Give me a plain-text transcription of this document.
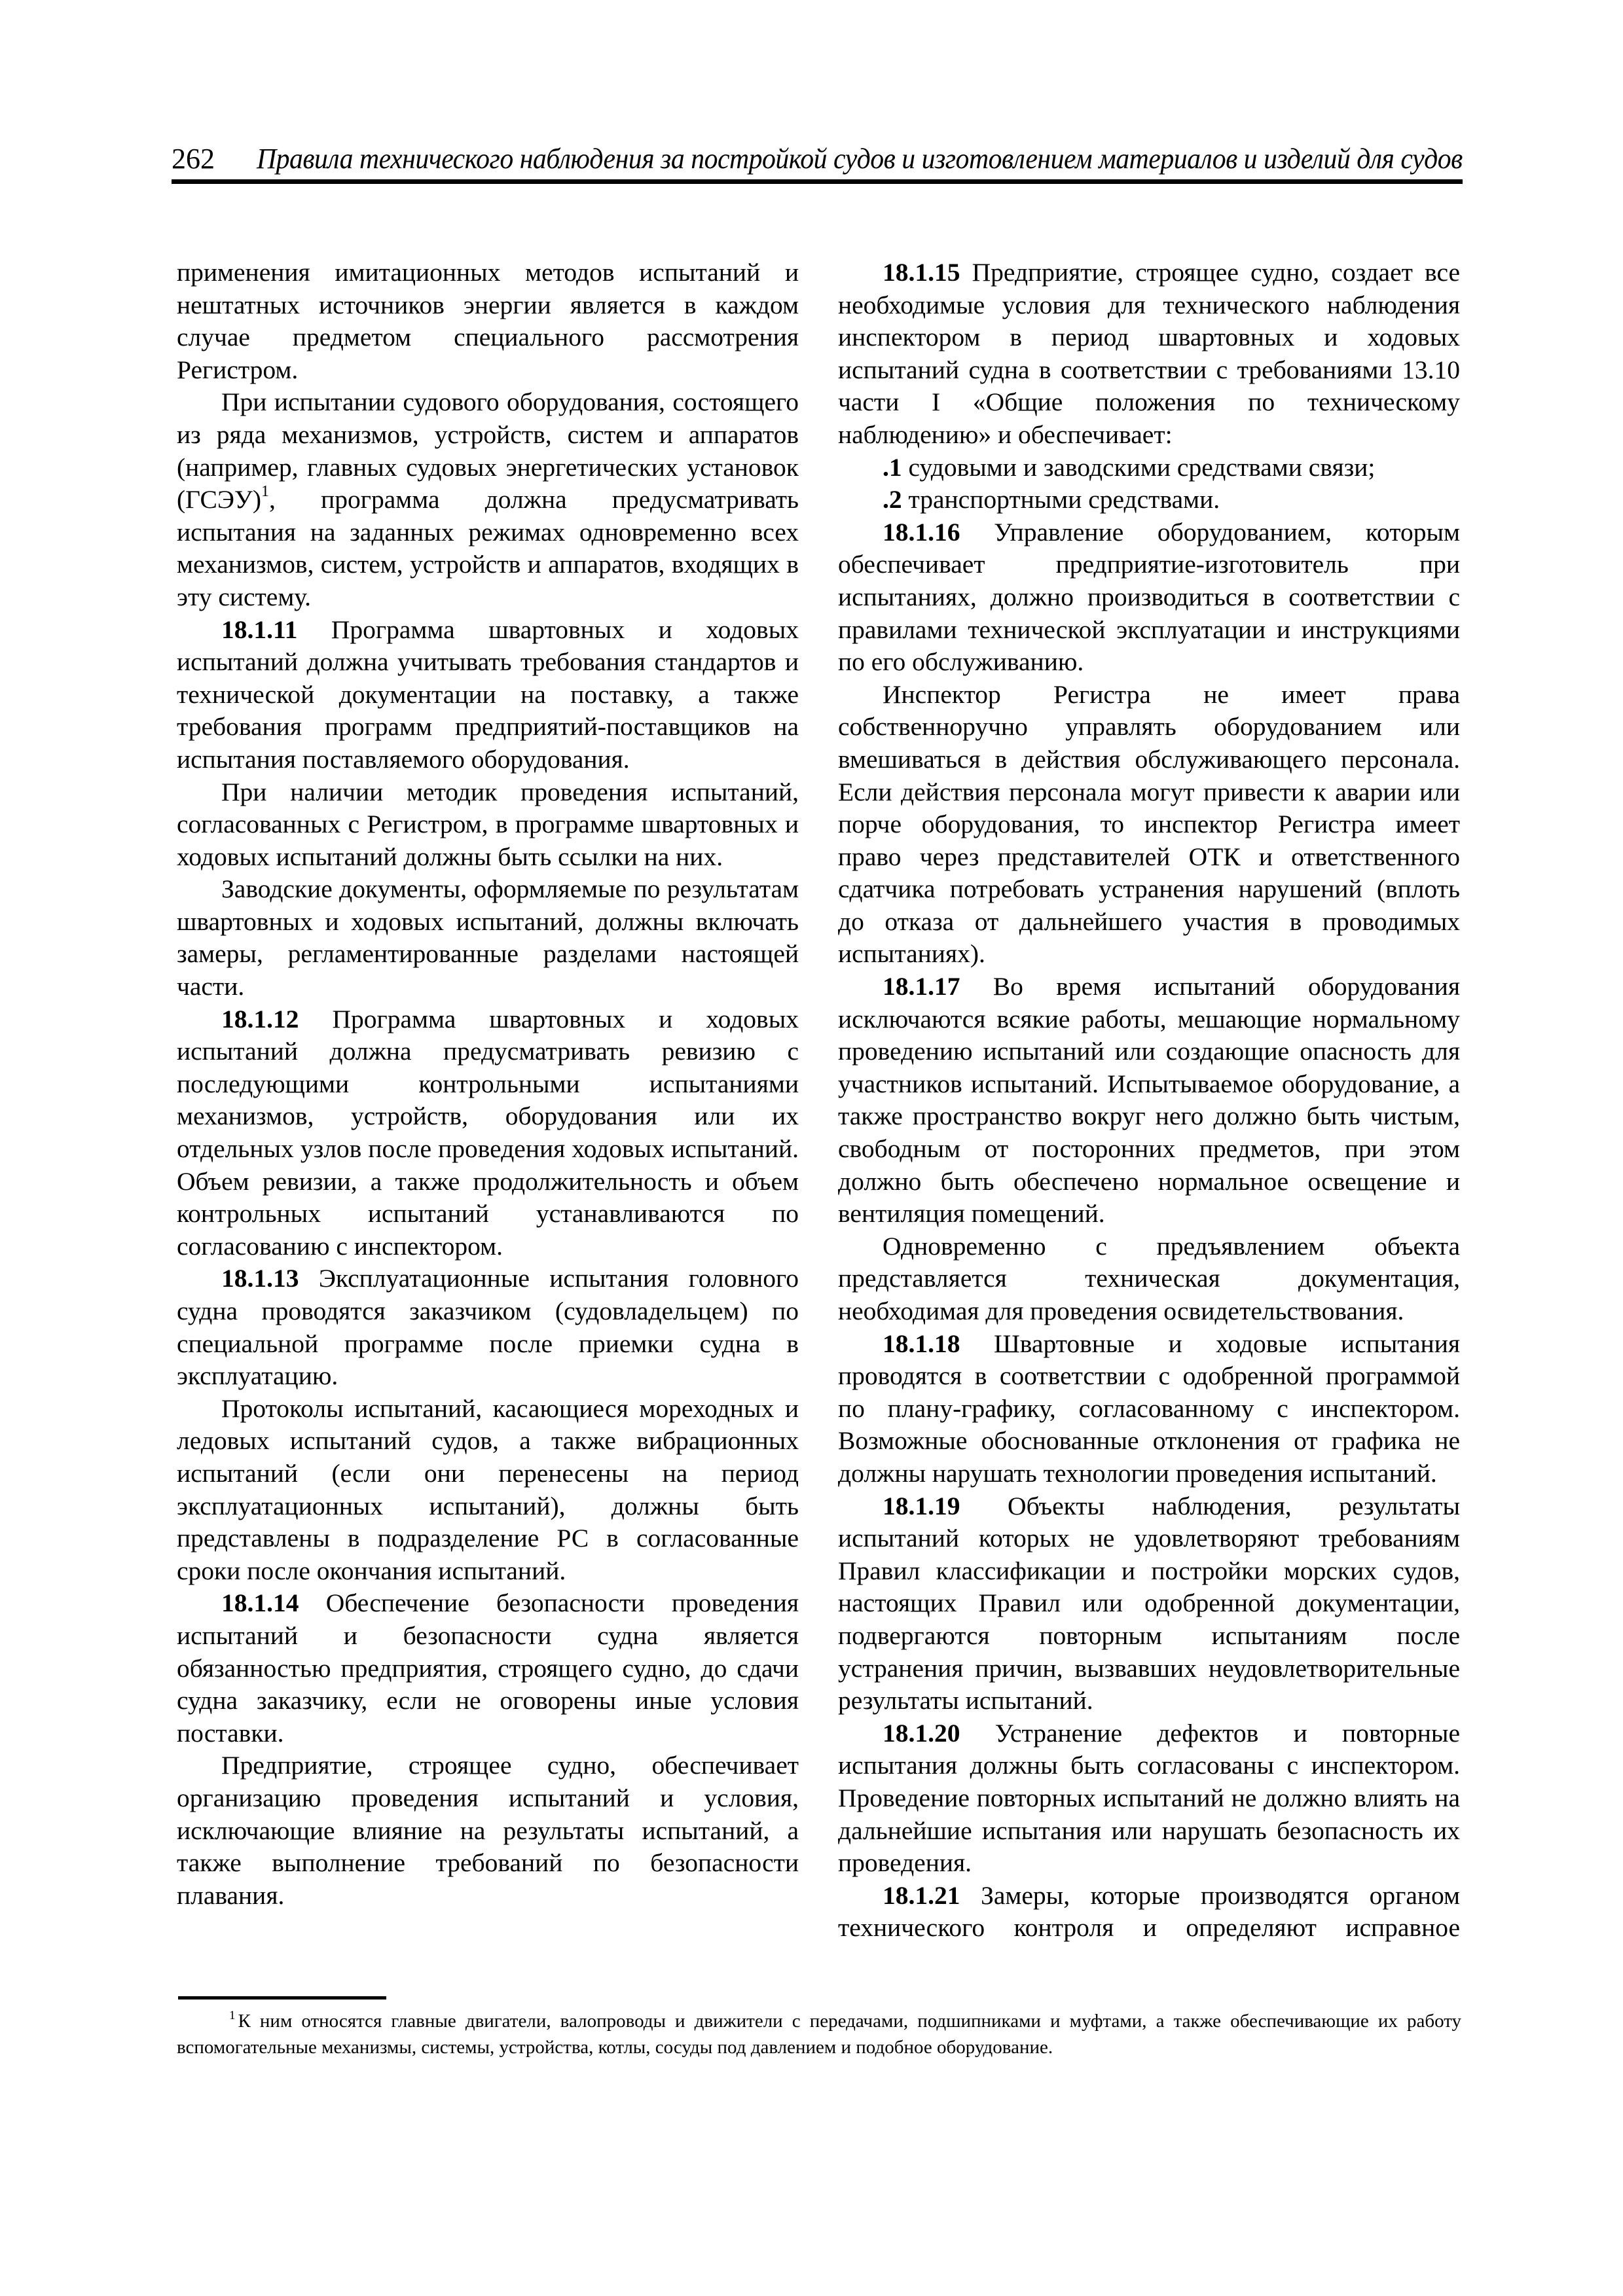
262 Правила технического наблюдения за постройкой судов и изготовлением материалов и изделий для судов

применения имитационных методов испытаний и нештатных источников энергии является в каждом случае предметом специального рассмотрения Регистром.

При испытании судового оборудования, состоящего из ряда механизмов, устройств, систем и аппаратов (например, главных судовых энергетических установок (ГСЭУ)$^1$, программа должна предусматривать испытания на заданных режимах одновременно всех механизмов, систем, устройств и аппаратов, входящих в эту систему.

18.1.11 Программа швартовных и ходовых испытаний должна учитывать требования стандартов и технической документации на поставку, а также требования программ предприятий-поставщиков на испытания поставляемого оборудования.

При наличии методик проведения испытаний, согласованных с Регистром, в программе швартовных и ходовых испытаний должны быть ссылки на них.

Заводские документы, оформляемые по результатам швартовных и ходовых испытаний, должны включать замеры, регламентированные разделами настоящей части.

18.1.12 Программа швартовных и ходовых испытаний должна предусматривать ревизию с последующими контрольными испытаниями механизмов, устройств, оборудования или их отдельных узлов после проведения ходовых испытаний. Объем ревизии, а также продолжительность и объем контрольных испытаний устанавливаются по согласованию с инспектором.

18.1.13 Эксплуатационные испытания головного судна проводятся заказчиком (судовладельцем) по специальной программе после приемки судна в эксплуатацию.

Протоколы испытаний, касающиеся мореходных и ледовых испытаний судов, а также вибрационных испытаний (если они перенесены на период эксплуатационных испытаний), должны быть представлены в подразделение РС в согласованные сроки после окончания испытаний.

18.1.14 Обеспечение безопасности проведения испытаний и безопасности судна является обязанностью предприятия, строящего судно, до сдачи судна заказчику, если не оговорены иные условия поставки.

Предприятие, строящее судно, обеспечивает организацию проведения испытаний и условия, исключающие влияние на результаты испытаний, а также выполнение требований по безопасности плавания.

18.1.15 Предприятие, строящее судно, создает все необходимые условия для технического наблюдения инспектором в период швартовных и ходовых испытаний судна в соответствии с требованиями 13.10 части I «Общие положения по техническому наблюдению» и обеспечивает:

.1 судовыми и заводскими средствами связи;

.2 транспортными средствами.

18.1.16 Управление оборудованием, которым обеспечивает предприятие-изготовитель при испытаниях, должно производиться в соответствии с правилами технической эксплуатации и инструкциями по его обслуживанию.

Инспектор Регистра не имеет права собственноручно управлять оборудованием или вмешиваться в действия обслуживающего персонала. Если действия персонала могут привести к аварии или порче оборудования, то инспектор Регистра имеет право через представителей ОТК и ответственного сдатчика потребовать устранения нарушений (вплоть до отказа от дальнейшего участия в проводимых испытаниях).

18.1.17 Во время испытаний оборудования исключаются всякие работы, мешающие нормальному проведению испытаний или создающие опасность для участников испытаний. Испытываемое оборудование, а также пространство вокруг него должно быть чистым, свободным от посторонних предметов, при этом должно быть обеспечено нормальное освещение и вентиляция помещений.

Одновременно с предъявлением объекта представляется техническая документация, необходимая для проведения освидетельствования.

18.1.18 Швартовные и ходовые испытания проводятся в соответствии с одобренной программой по плану-графику, согласованному с инспектором. Возможные обоснованные отклонения от графика не должны нарушать технологии проведения испытаний.

18.1.19 Объекты наблюдения, результаты испытаний которых не удовлетворяют требованиям Правил классификации и постройки морских судов, настоящих Правил или одобренной документации, подвергаются повторным испытаниям после устранения причин, вызвавших неудовлетворительные результаты испытаний.

18.1.20 Устранение дефектов и повторные испытания должны быть согласованы с инспектором. Проведение повторных испытаний не должно влиять на дальнейшие испытания или нарушать безопасность их проведения.

18.1.21 Замеры, которые производятся органом технического контроля и определяют исправное

$^1$ К ним относятся главные двигатели, валопроводы и движители с передачами, подшипниками и муфтами, а также обеспечивающие их работу вспомогательные механизмы, системы, устройства, котлы, сосуды под давлением и подобное оборудование.
